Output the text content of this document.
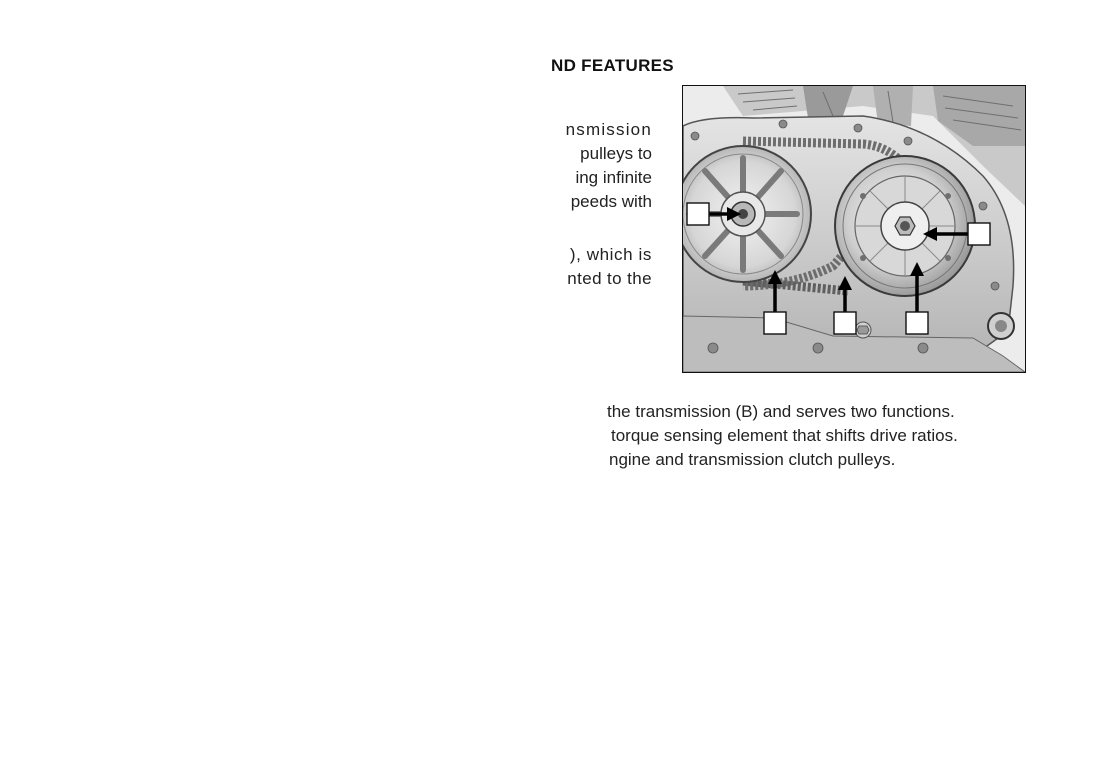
ND FEATURES
nsmission
pulleys to
ing infinite
peeds with
), which is
nted to the
the transmission (B) and serves two functions.
torque sensing element that shifts drive ratios.
ngine and transmission clutch pulleys.
